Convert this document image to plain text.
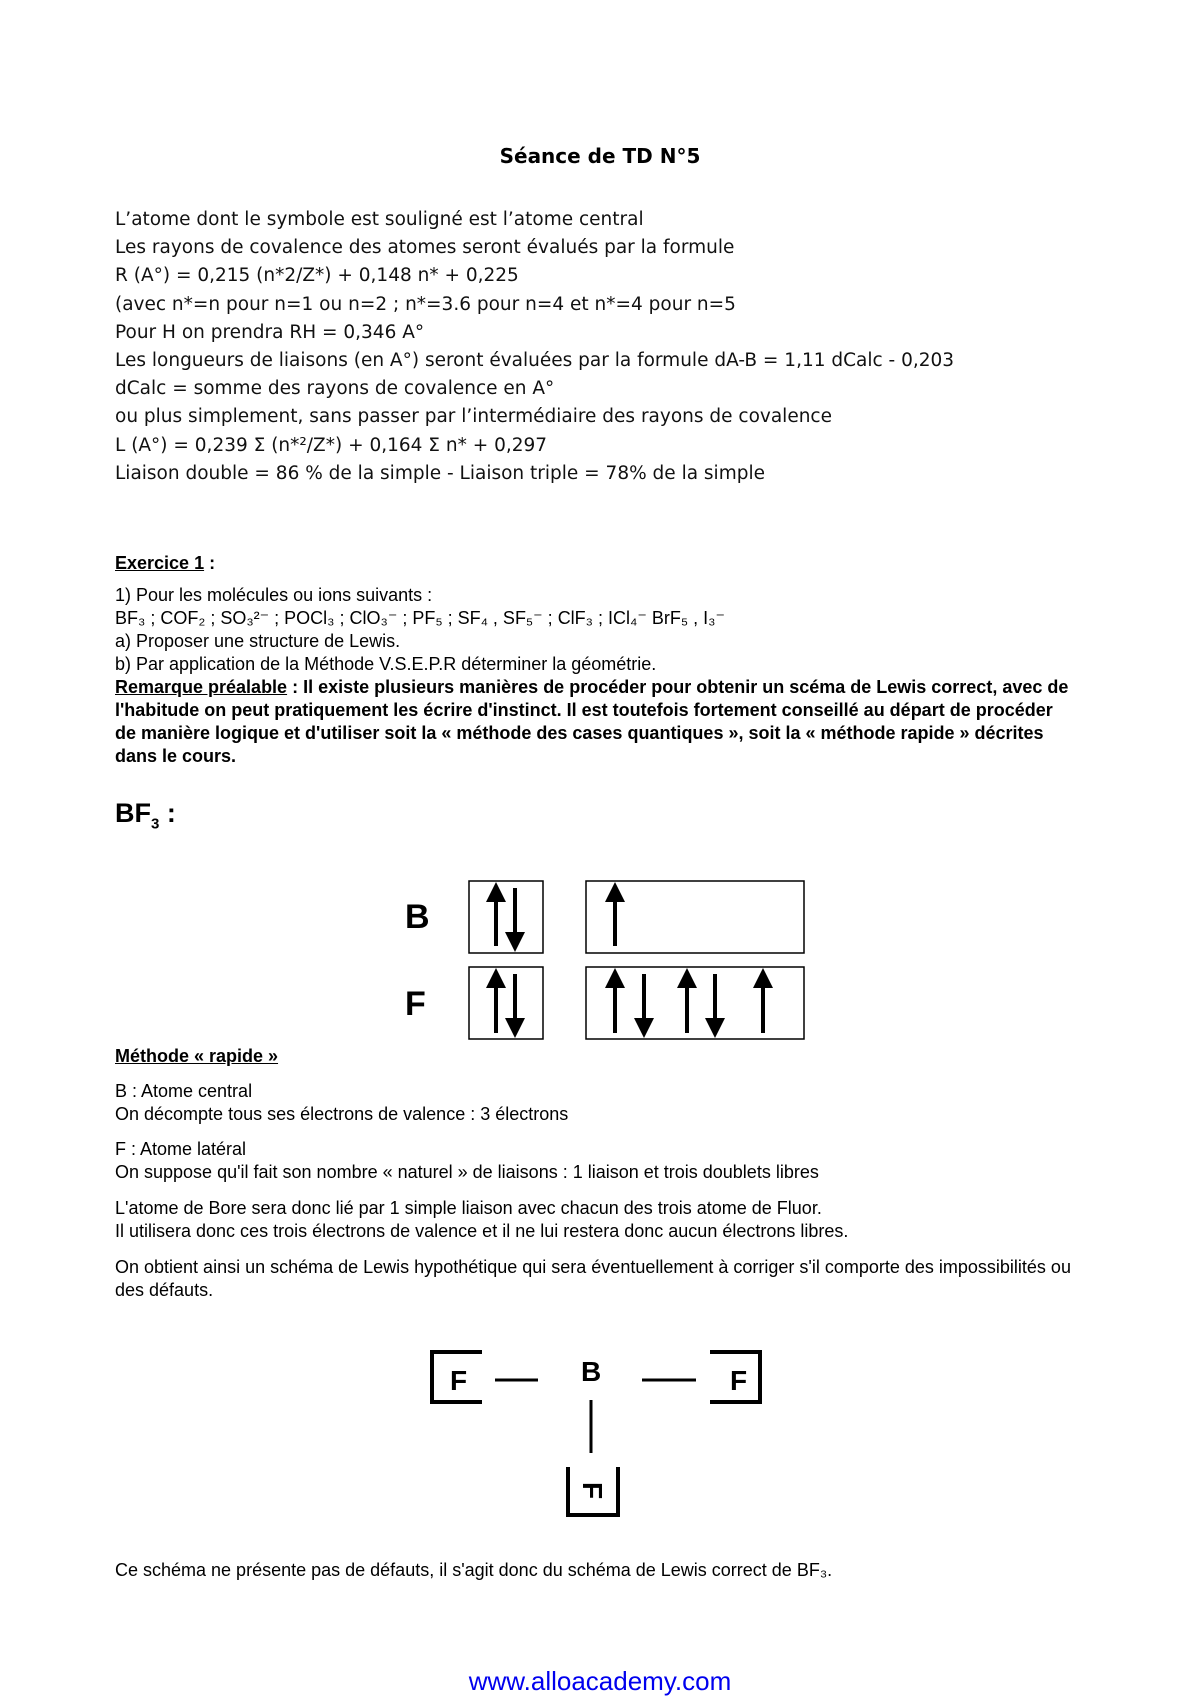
Séance de TD N°5
L’atome dont le symbole est souligné est l’atome central
Les rayons de covalence des atomes seront évalués par la formule
R (A°) = 0,215 (n*2/Z*) + 0,148 n* + 0,225
(avec n*=n pour n=1 ou n=2 ; n*=3.6 pour n=4 et n*=4 pour n=5
Pour H on prendra RH = 0,346 A°
Les longueurs de liaisons (en A°) seront évaluées par la formule dA-B = 1,11 dCalc - 0,203
dCalc = somme des rayons de covalence en A°
ou plus simplement, sans passer par l’intermédiaire des rayons de covalence
L (A°) = 0,239 Σ (n*²/Z*) + 0,164 Σ n* + 0,297
Liaison double = 86 % de la simple - Liaison triple = 78% de la simple
Exercice 1 :
1) Pour les molécules ou ions suivants :
BF₃ ; COF₂ ; SO₃²⁻ ; POCl₃ ; ClO₃⁻ ; PF₅ ; SF₄ , SF₅⁻ ; ClF₃ ; ICl₄⁻ BrF₅ , I₃⁻
a) Proposer une structure de Lewis.
b) Par application de la Méthode V.S.E.P.R déterminer la géométrie.
Remarque préalable : Il existe plusieurs manières de procéder pour obtenir un scéma de Lewis correct, avec de l'habitude on peut pratiquement les écrire d'instinct. Il est toutefois fortement conseillé au départ de procéder de manière logique et d'utiliser soit la « méthode des cases quantiques », soit la « méthode rapide » décrites dans le cours.
$BF_3$ :
B
F
Méthode « rapide »
B : Atome central
On décompte tous ses électrons de valence : 3 électrons
F : Atome latéral
On suppose qu'il fait son nombre « naturel » de liaisons : 1 liaison et trois doublets libres
L'atome de Bore sera donc lié par 1 simple liaison avec chacun des trois atome de Fluor.
Il utilisera donc ces trois électrons de valence et il ne lui restera donc aucun électrons libres.
On obtient ainsi un schéma de Lewis hypothétique qui sera éventuellement à corriger s'il comporte des impossibilités ou des défauts.
F	B	F
F
Ce schéma ne présente pas de défauts, il s'agit donc du schéma de Lewis correct de BF₃.
www.alloacademy.com
